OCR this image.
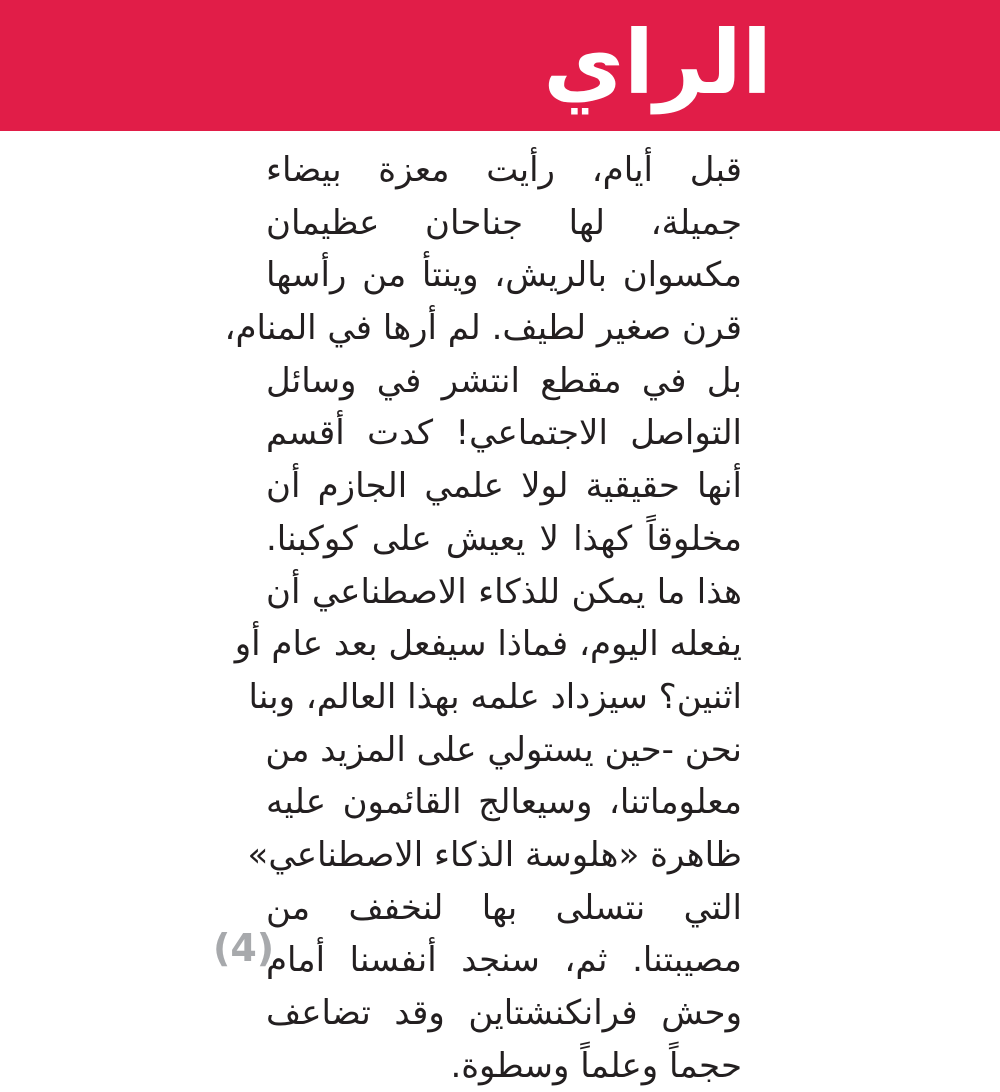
الراي
قبل أيام، رأيت معزة بيضاء
جميلة، لها جناحان عظيمان
مكسوان بالريش، وينتأ من رأسها
قرن صغير لطيف. لم أرها في المنام،
بل في مقطع انتشر في وسائل
التواصل الاجتماعي! كدت أقسم
أنها حقيقية لولا علمي الجازم أن
مخلوقاً كهذا لا يعيش على كوكبنا.
هذا ما يمكن للذكاء الاصطناعي أن
يفعله اليوم، فماذا سيفعل بعد عام أو
اثنين؟ سيزداد علمه بهذا العالم، وبنا
نحن -حين يستولي على المزيد من
معلوماتنا، وسيعالج القائمون عليه
ظاهرة «هلوسة الذكاء الاصطناعي»
التي نتسلى بها لنخفف من
مصيبتنا. ثم، سنجد أنفسنا أمام
وحش فرانكنشتاين وقد تضاعف
حجماً وعلماً وسطوة.
(4)
